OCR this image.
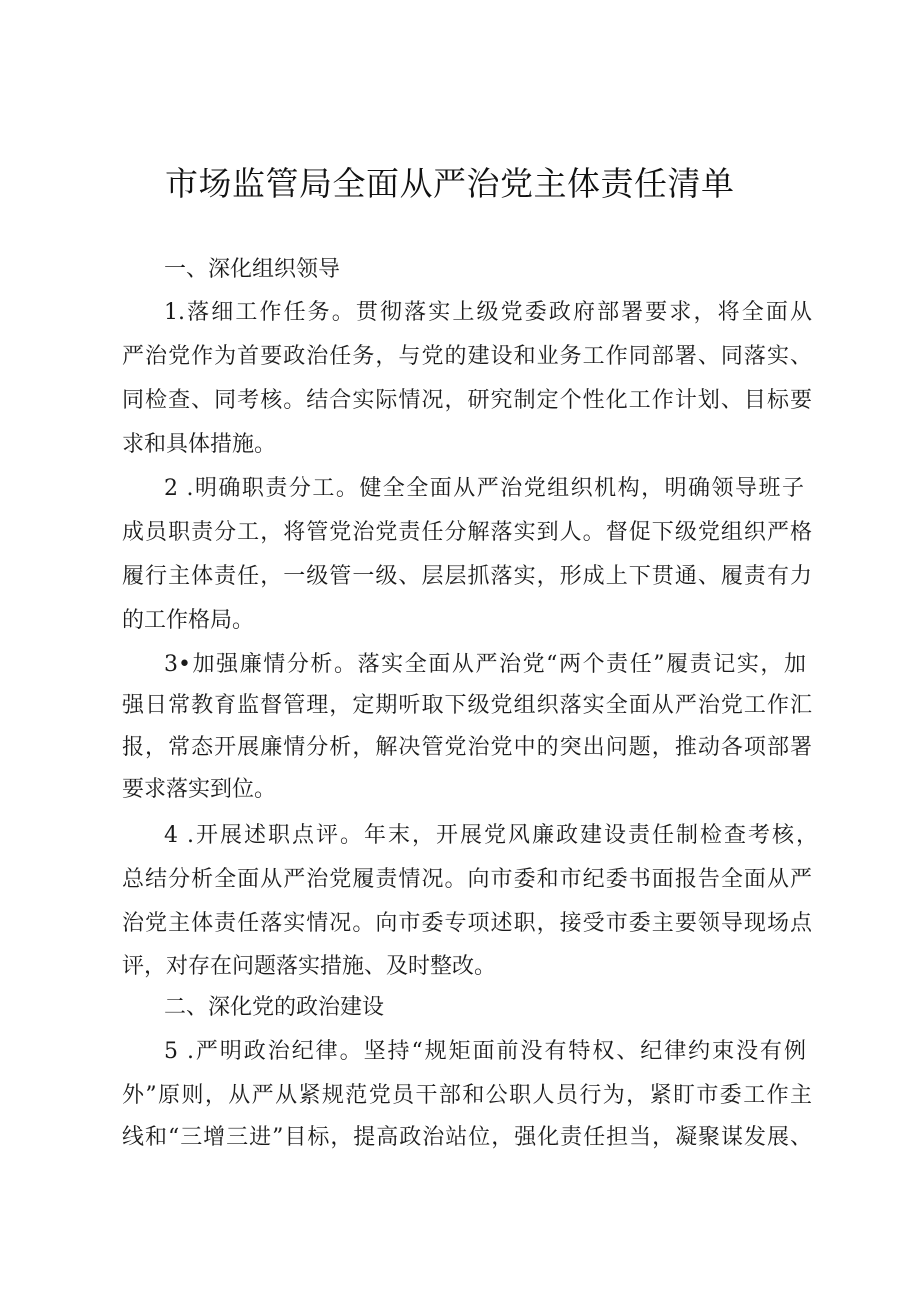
市场监管局全面从严治党主体责任清单
一、深化组织领导
1.落细工作任务。贯彻落实上级党委政府部署要求，将全面从
严治党作为首要政治任务，与党的建设和业务工作同部署、同落实、
同检查、同考核。结合实际情况，研究制定个性化工作计划、目标要
求和具体措施。
2 .明确职责分工。健全全面从严治党组织机构，明确领导班子
成员职责分工，将管党治党责任分解落实到人。督促下级党组织严格
履行主体责任，一级管一级、层层抓落实，形成上下贯通、履责有力
的工作格局。
3•加强廉情分析。落实全面从严治党“两个责任”履责记实，加
强日常教育监督管理，定期听取下级党组织落实全面从严治党工作汇
报，常态开展廉情分析，解决管党治党中的突出问题，推动各项部署
要求落实到位。
4 .开展述职点评。年末，开展党风廉政建设责任制检查考核，
总结分析全面从严治党履责情况。向市委和市纪委书面报告全面从严
治党主体责任落实情况。向市委专项述职，接受市委主要领导现场点
评，对存在问题落实措施、及时整改。
二、深化党的政治建设
5 .严明政治纪律。坚持“规矩面前没有特权、纪律约束没有例
外”原则，从严从紧规范党员干部和公职人员行为，紧盯市委工作主
线和“三增三进”目标，提高政治站位，强化责任担当，凝聚谋发展、
